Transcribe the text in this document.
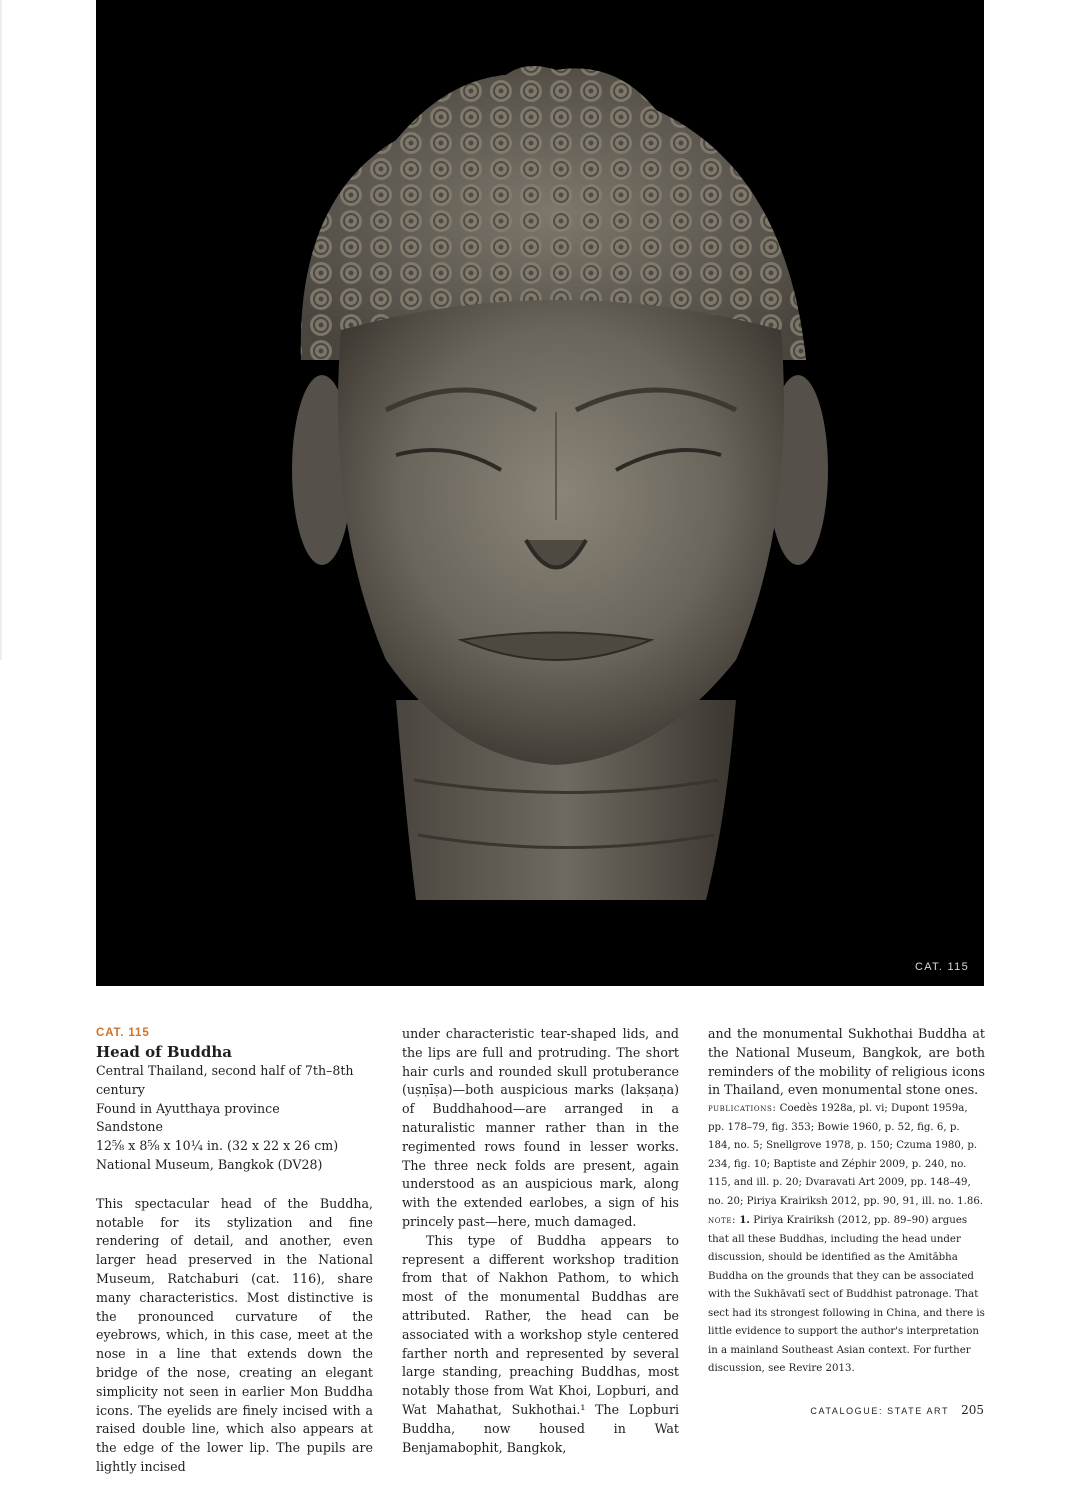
CAT. 115
CAT. 115
Head of Buddha
Central Thailand, second half of 7th–8th century
Found in Ayutthaya province
Sandstone
12⅝ x 8⅝ x 10¼ in. (32 x 22 x 26 cm)
National Museum, Bangkok (DV28)

This spectacular head of the Buddha, notable for its stylization and fine rendering of detail, and another, even larger head preserved in the National Museum, Ratchaburi (cat. 116), share many characteristics. Most distinctive is the pronounced curvature of the eyebrows, which, in this case, meet at the nose in a line that extends down the bridge of the nose, creating an elegant simplicity not seen in earlier Mon Buddha icons. The eyelids are finely incised with a raised double line, which also appears at the edge of the lower lip. The pupils are lightly incised

under characteristic tear-shaped lids, and the lips are full and protruding. The short hair curls and rounded skull protuberance (uṣṇīṣa)—both auspicious marks (lakṣaṇa) of Buddhahood—are arranged in a naturalistic manner rather than in the regimented rows found in lesser works. The three neck folds are present, again understood as an auspicious mark, along with the extended earlobes, a sign of his princely past—here, much damaged.

This type of Buddha appears to represent a different workshop tradition from that of Nakhon Pathom, to which most of the monumental Buddhas are attributed. Rather, the head can be associated with a workshop style centered farther north and represented by several large standing, preaching Buddhas, most notably those from Wat Khoi, Lopburi, and Wat Mahathat, Sukhothai.¹ The Lopburi Buddha, now housed in Wat Benjamabophit, Bangkok,

and the monumental Sukhothai Buddha at the National Museum, Bangkok, are both reminders of the mobility of religious icons in Thailand, even monumental stone ones.

publications: Coedès 1928a, pl. vi; Dupont 1959a, pp. 178–79, fig. 353; Bowie 1960, p. 52, fig. 6, p. 184, no. 5; Snellgrove 1978, p. 150; Czuma 1980, p. 234, fig. 10; Baptiste and Zéphir 2009, p. 240, no. 115, and ill. p. 20; Dvaravati Art 2009, pp. 148–49, no. 20; Piriya Krairiksh 2012, pp. 90, 91, ill. no. 1.86.

note: 1. Piriya Krairiksh (2012, pp. 89–90) argues that all these Buddhas, including the head under discussion, should be identified as the Amitābha Buddha on the grounds that they can be associated with the Sukhāvatī sect of Buddhist patronage. That sect had its strongest following in China, and there is little evidence to support the author's interpretation in a mainland Southeast Asian context. For further discussion, see Revire 2013.

CATALOGUE: STATE ART 205
